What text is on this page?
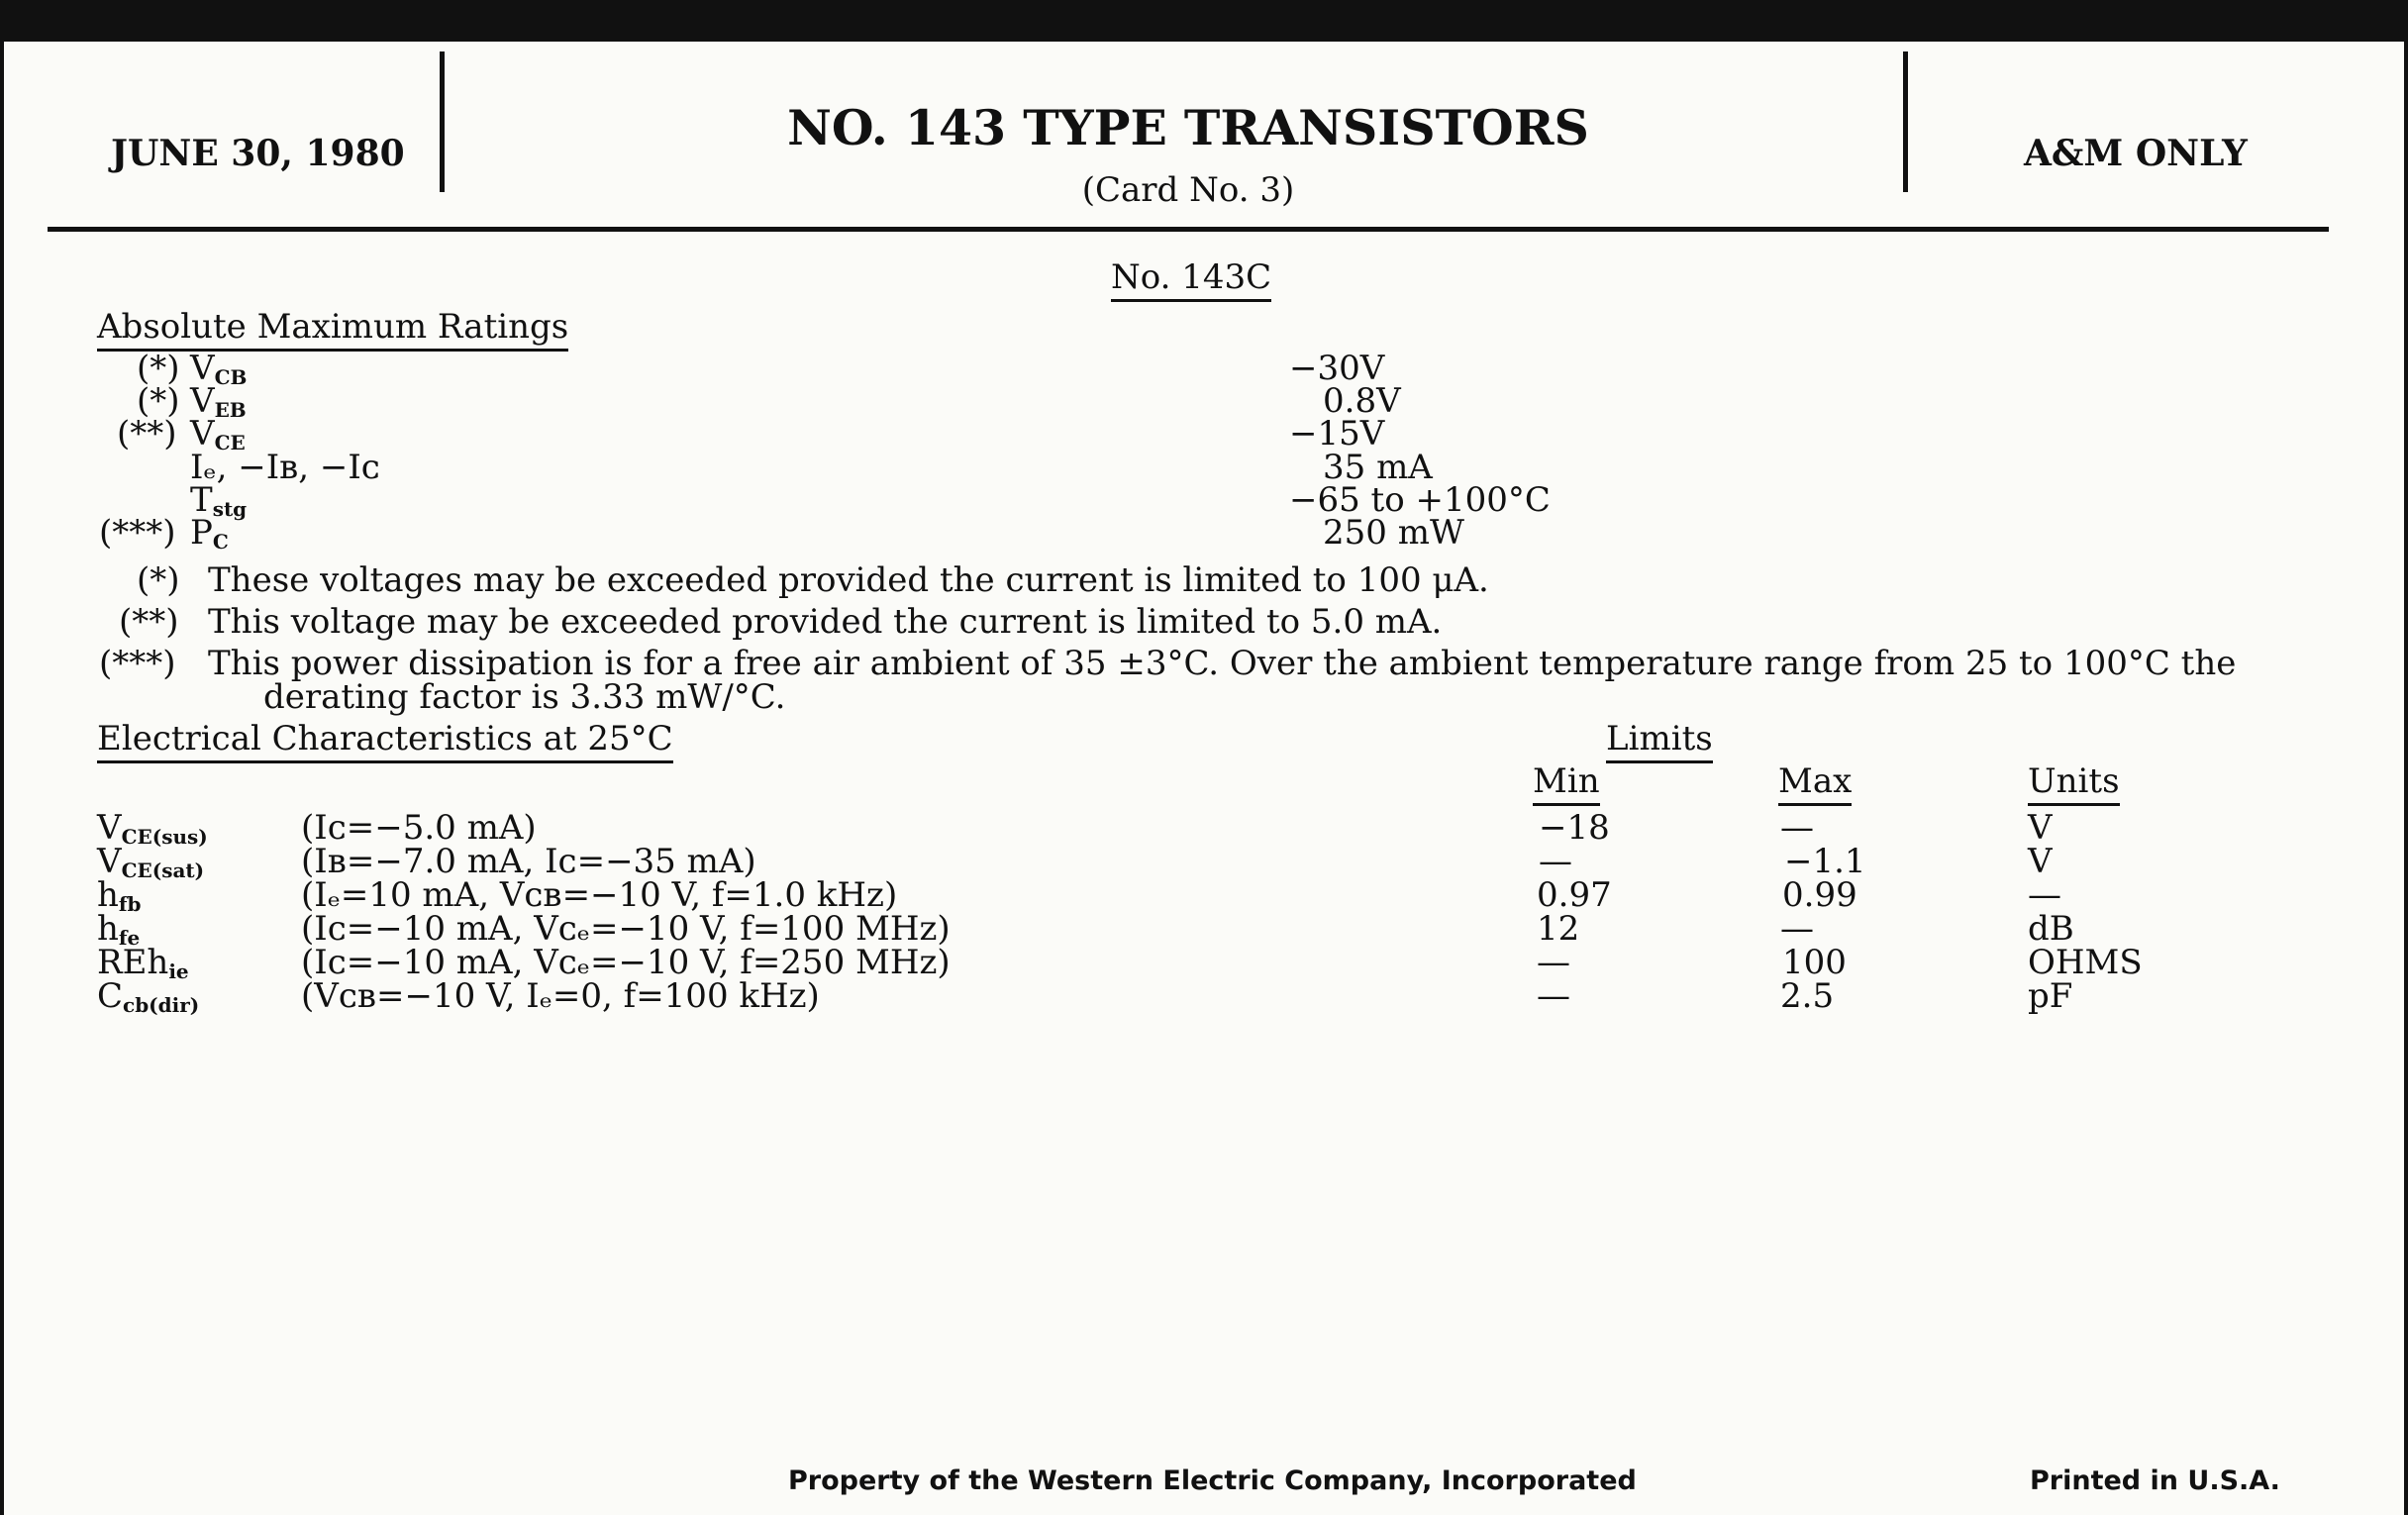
JUNE 30, 1980	NO. 143 TYPE TRANSISTORS
(Card No. 3)
A&M ONLY
No. 143C
Absolute Maximum Ratings
(*) $V_{CB}$	−30V
(*) $V_{EB}$	0.8V
(**) $V_{CE}$	−15V
Iₑ, −Iʙ, −Iᴄ	35 mA
$T_{stg}$	−65 to +100°C
(***) $P_C$	250 mW
(*) These voltages may be exceeded provided the current is limited to 100 μA.
(**) This voltage may be exceeded provided the current is limited to 5.0 mA.
(***) This power dissipation is for a free air ambient of 35 ±3°C. Over the ambient temperature range from 25 to 100°C the
derating factor is 3.33 mW/°C.
Electrical Characteristics at 25°C	Limits
Min	Max	Units
$V_{CE(sus)}$	(Iᴄ=−5.0 mA)	−18	—	V
$V_{CE(sat)}$	(Iʙ=−7.0 mA, Iᴄ=−35 mA)	—	−1.1	V
$h_{fb}$	(Iₑ=10 mA, Vᴄʙ=−10 V, f=1.0 kHz)	0.97	0.99	—
$h_{fe}$	(Iᴄ=−10 mA, Vᴄₑ=−10 V, f=100 MHz)	12	—	dB
REh$_{ie}$	(Iᴄ=−10 mA, Vᴄₑ=−10 V, f=250 MHz)	—	100	OHMS
$C_{cb(dir)}$	(Vᴄʙ=−10 V, Iₑ=0, f=100 kHz)	—	2.5	pF
Property of the Western Electric Company, Incorporated	Printed in U.S.A.
